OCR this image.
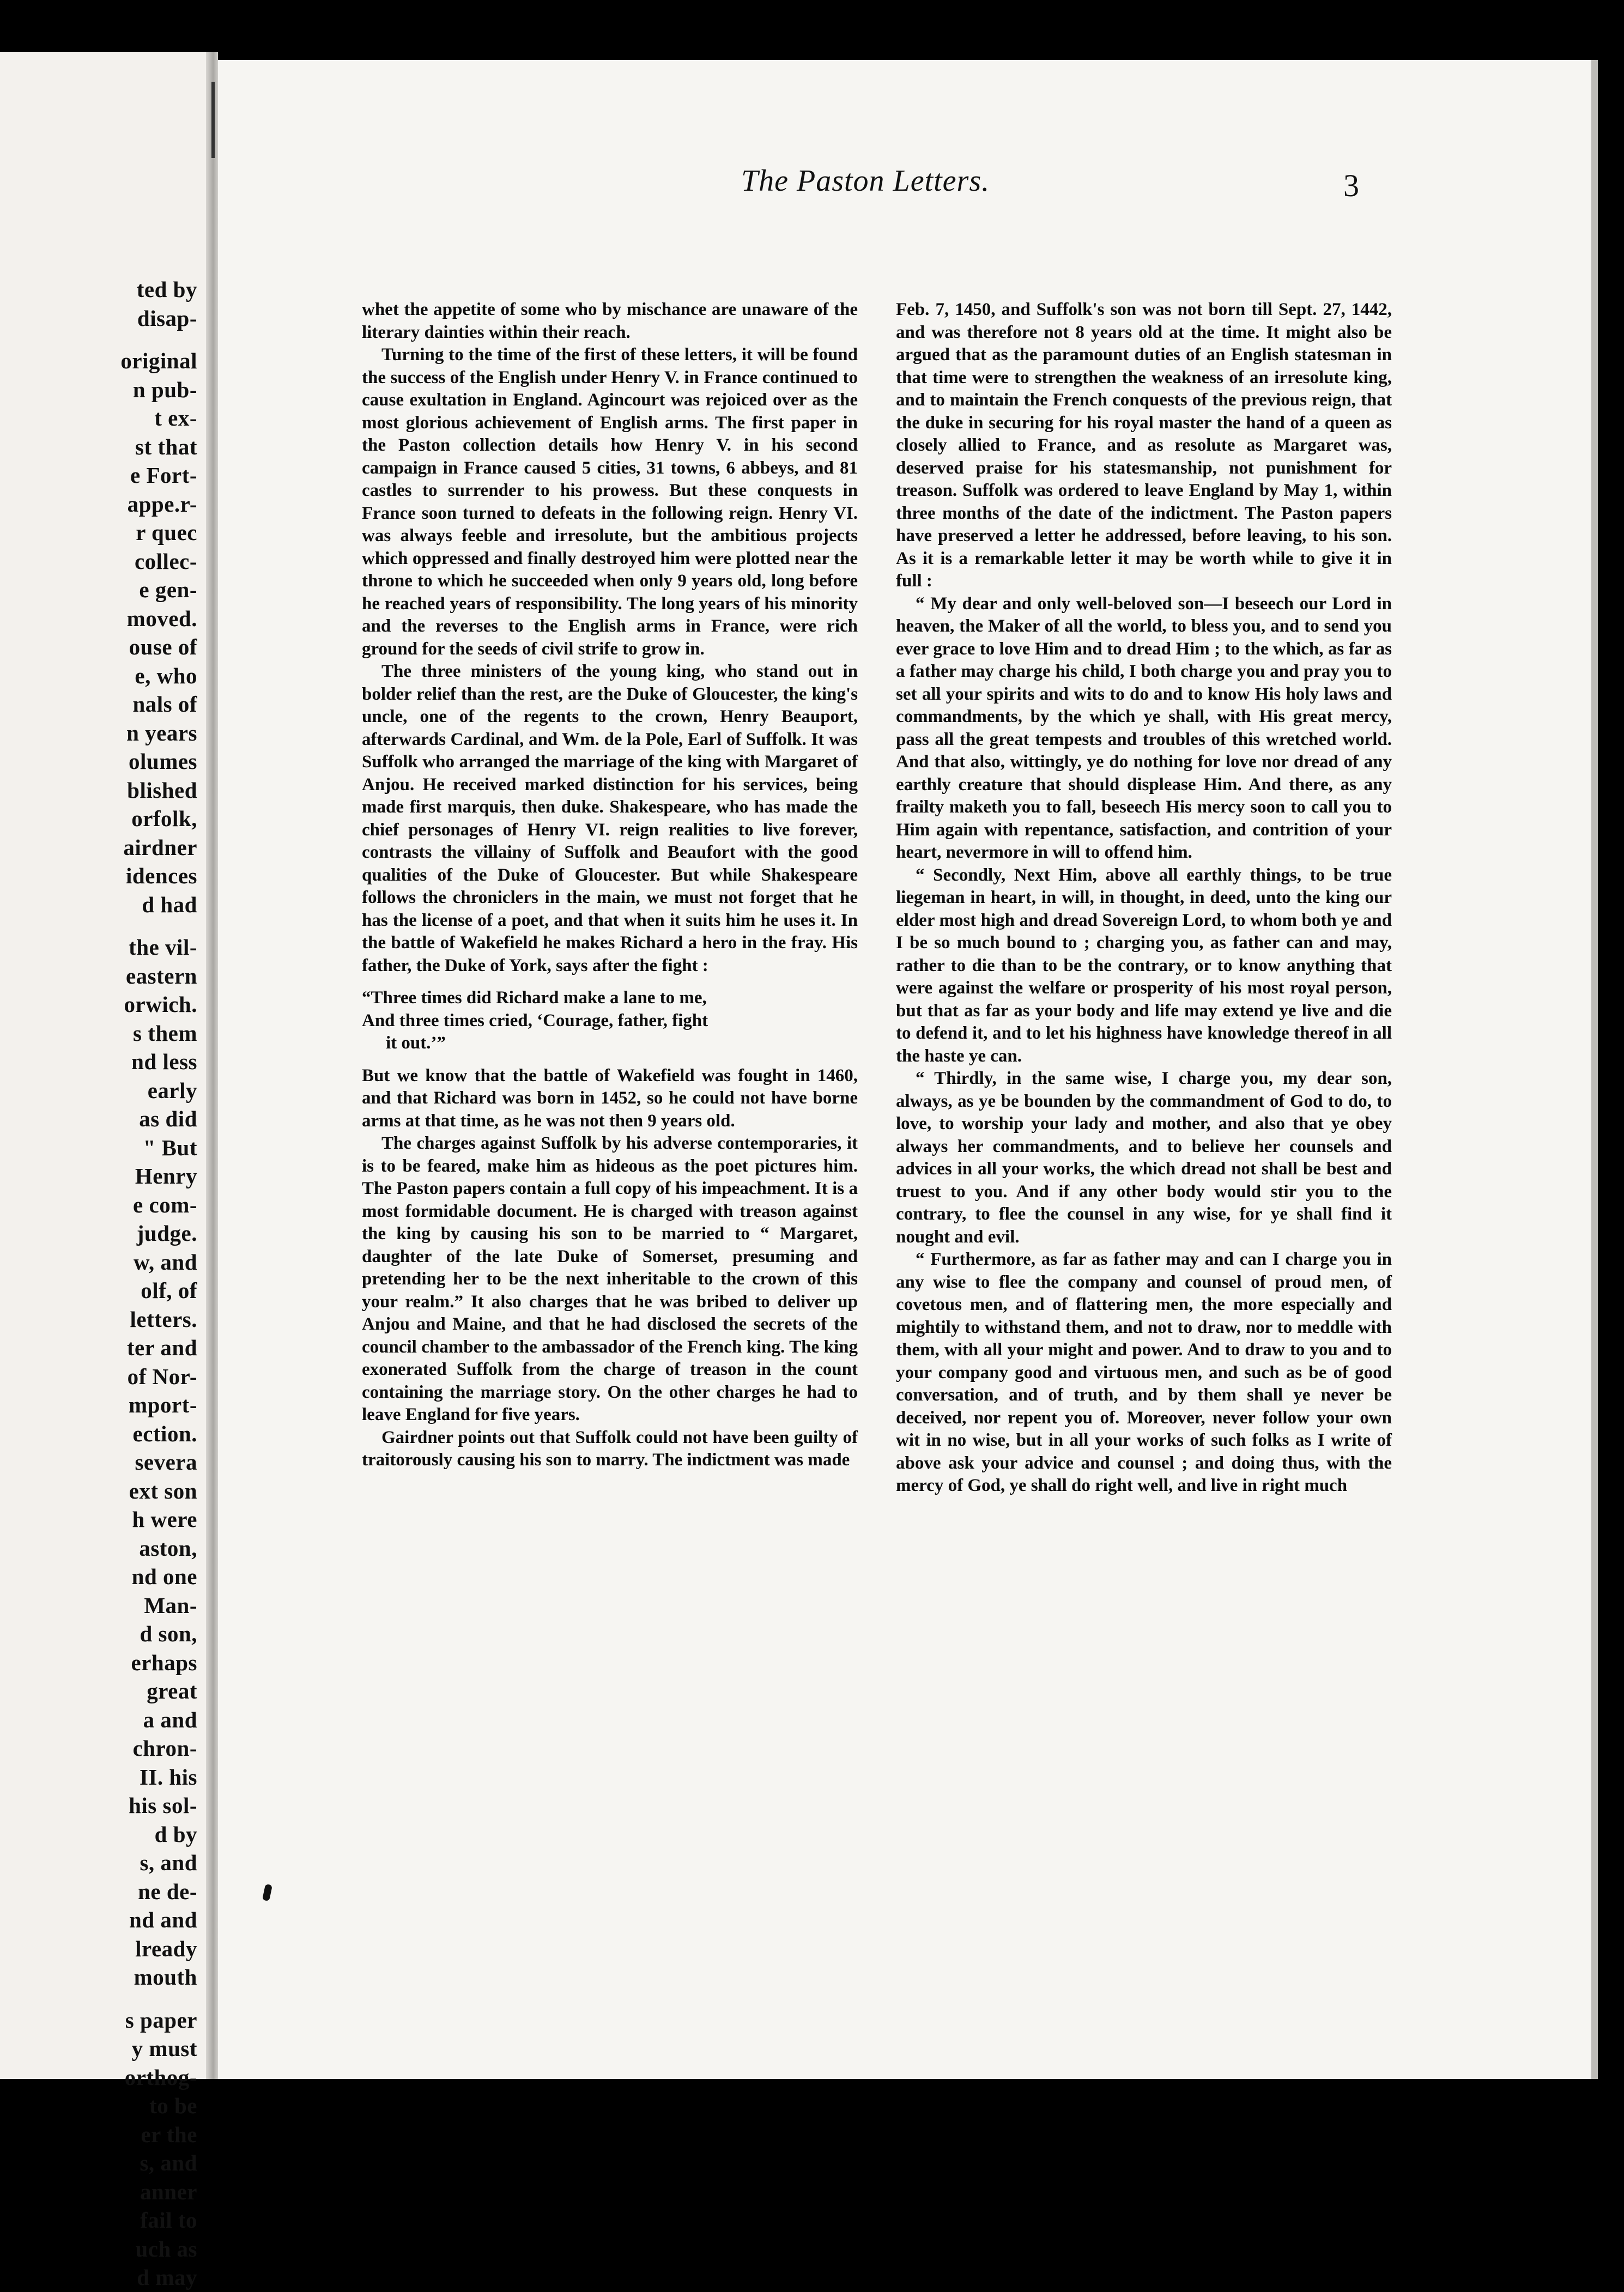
ted by
disap-
original
n pub-
t ex-
st that
e Fort-
appe.r-
r quec
collec-
e gen-
moved.
ouse of
e, who
nals of
n years
olumes
blished
orfolk,
airdner
idences
d had
the vil-
eastern
orwich.
s them
nd less
early
as did
" But
Henry
e com-
judge.
w, and
olf, of
letters.
ter and
of Nor-
mport-
ection.
severa
ext son
h were
aston,
nd one
Man-
d son,
erhaps
great
a and
chron-
II. his
his sol-
d by
s, and
ne de-
nd and
lready
mouth
s paper
y must
orthog-
to be
er the
s, and
anner
fail to
uch as
d may
The Paston Letters.	3

whet the appetite of some who by mischance are unaware of the literary dainties within their reach.

Turning to the time of the first of these letters, it will be found the success of the English under Henry V. in France continued to cause exultation in England. Agincourt was rejoiced over as the most glorious achievement of English arms. The first paper in the Paston collection details how Henry V. in his second campaign in France caused 5 cities, 31 towns, 6 abbeys, and 81 castles to surrender to his prowess. But these conquests in France soon turned to defeats in the following reign. Henry VI. was always feeble and irresolute, but the ambitious projects which oppressed and finally destroyed him were plotted near the throne to which he succeeded when only 9 years old, long before he reached years of responsibility. The long years of his minority and the reverses to the English arms in France, were rich ground for the seeds of civil strife to grow in.

The three ministers of the young king, who stand out in bolder relief than the rest, are the Duke of Gloucester, the king's uncle, one of the regents to the crown, Henry Beauport, afterwards Cardinal, and Wm. de la Pole, Earl of Suffolk. It was Suffolk who arranged the marriage of the king with Margaret of Anjou. He received marked distinction for his services, being made first marquis, then duke. Shakespeare, who has made the chief personages of Henry VI. reign realities to live forever, contrasts the villainy of Suffolk and Beaufort with the good qualities of the Duke of Gloucester. But while Shakespeare follows the chroniclers in the main, we must not forget that he has the license of a poet, and that when it suits him he uses it. In the battle of Wakefield he makes Richard a hero in the fray. His father, the Duke of York, says after the fight :

“Three times did Richard make a lane to me,
And three times cried, ‘Courage, father, fight
it out.’”

But we know that the battle of Wakefield was fought in 1460, and that Richard was born in 1452, so he could not have borne arms at that time, as he was not then 9 years old.

The charges against Suffolk by his adverse contemporaries, it is to be feared, make him as hideous as the poet pictures him. The Paston papers contain a full copy of his impeachment. It is a most formidable document. He is charged with treason against the king by causing his son to be married to “ Margaret, daughter of the late Duke of Somerset, presuming and pretending her to be the next inheritable to the crown of this your realm.” It also charges that he was bribed to deliver up Anjou and Maine, and that he had disclosed the secrets of the council chamber to the ambassador of the French king. The king exonerated Suffolk from the charge of treason in the count containing the marriage story. On the other charges he had to leave England for five years.

Gairdner points out that Suffolk could not have been guilty of traitorously causing his son to marry. The indictment was made

Feb. 7, 1450, and Suffolk's son was not born till Sept. 27, 1442, and was therefore not 8 years old at the time. It might also be argued that as the paramount duties of an English statesman in that time were to strengthen the weakness of an irresolute king, and to maintain the French conquests of the previous reign, that the duke in securing for his royal master the hand of a queen as closely allied to France, and as resolute as Margaret was, deserved praise for his statesmanship, not punishment for treason. Suffolk was ordered to leave England by May 1, within three months of the date of the indictment. The Paston papers have preserved a letter he addressed, before leaving, to his son. As it is a remarkable letter it may be worth while to give it in full :

“ My dear and only well-beloved son—I beseech our Lord in heaven, the Maker of all the world, to bless you, and to send you ever grace to love Him and to dread Him ; to the which, as far as a father may charge his child, I both charge you and pray you to set all your spirits and wits to do and to know His holy laws and commandments, by the which ye shall, with His great mercy, pass all the great tempests and troubles of this wretched world. And that also, wittingly, ye do nothing for love nor dread of any earthly creature that should displease Him. And there, as any frailty maketh you to fall, beseech His mercy soon to call you to Him again with repentance, satisfaction, and contrition of your heart, nevermore in will to offend him.

“ Secondly, Next Him, above all earthly things, to be true liegeman in heart, in will, in thought, in deed, unto the king our elder most high and dread Sovereign Lord, to whom both ye and I be so much bound to ; charging you, as father can and may, rather to die than to be the contrary, or to know anything that were against the welfare or prosperity of his most royal person, but that as far as your body and life may extend ye live and die to defend it, and to let his highness have knowledge thereof in all the haste ye can.

“ Thirdly, in the same wise, I charge you, my dear son, always, as ye be bounden by the commandment of God to do, to love, to worship your lady and mother, and also that ye obey always her commandments, and to believe her counsels and advices in all your works, the which dread not shall be best and truest to you. And if any other body would stir you to the contrary, to flee the counsel in any wise, for ye shall find it nought and evil.

“ Furthermore, as far as father may and can I charge you in any wise to flee the company and counsel of proud men, of covetous men, and of flattering men, the more especially and mightily to withstand them, and not to draw, nor to meddle with them, with all your might and power. And to draw to you and to your company good and virtuous men, and such as be of good conversation, and of truth, and by them shall ye never be deceived, nor repent you of. Moreover, never follow your own wit in no wise, but in all your works of such folks as I write of above ask your advice and counsel ; and doing thus, with the mercy of God, ye shall do right well, and live in right much
